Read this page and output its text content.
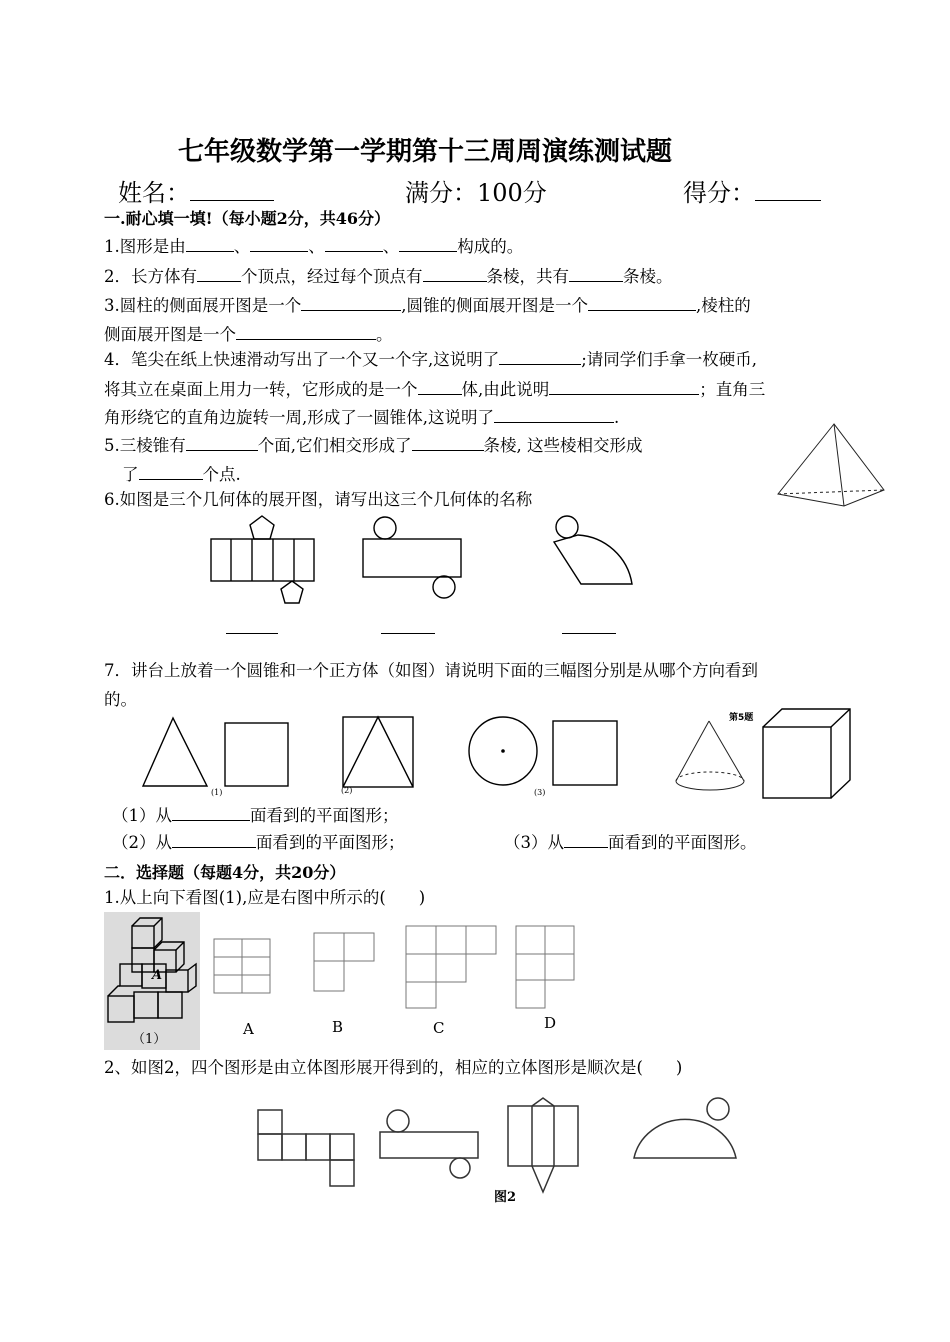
七年级数学第一学期第十三周周演练测试题
姓名：	满分：100分	得分：
一.耐心填一填!（每小题2分，共46分）
1.图形是由	、	、	、	构成的。
2．长方体有	个顶点，经过每个顶点有	条棱，共有	条棱。
3.圆柱的侧面展开图是一个	,圆锥的侧面展开图是一个	,棱柱的
侧面展开图是一个	。
4．笔尖在纸上快速滑动写出了一个又一个字,这说明了	;请同学们手拿一枚硬币,
将其立在桌面上用力一转，它形成的是一个	体,由此说明	；直角三
角形绕它的直角边旋转一周,形成了一圆锥体,这说明了	.
5.三棱锥有	个面,它们相交形成了	条棱, 这些棱相交形成
了	个点.
6.如图是三个几何体的展开图，请写出这三个几何体的名称
7．讲台上放着一个圆锥和一个正方体（如图）请说明下面的三幅图分别是从哪个方向看到
的。
(1)	(2)	(3)
第5题
（1）从	面看到的平面图形；
（2）从	面看到的平面图形；	（3）从	面看到的平面图形。
二．选择题（每题4分，共20分）
1.从上向下看图(1),应是右图中所示的(　　)
A
（1）
A	B	C	D
2、如图2，四个图形是由立体图形展开得到的，相应的立体图形是顺次是(　　)
图2
